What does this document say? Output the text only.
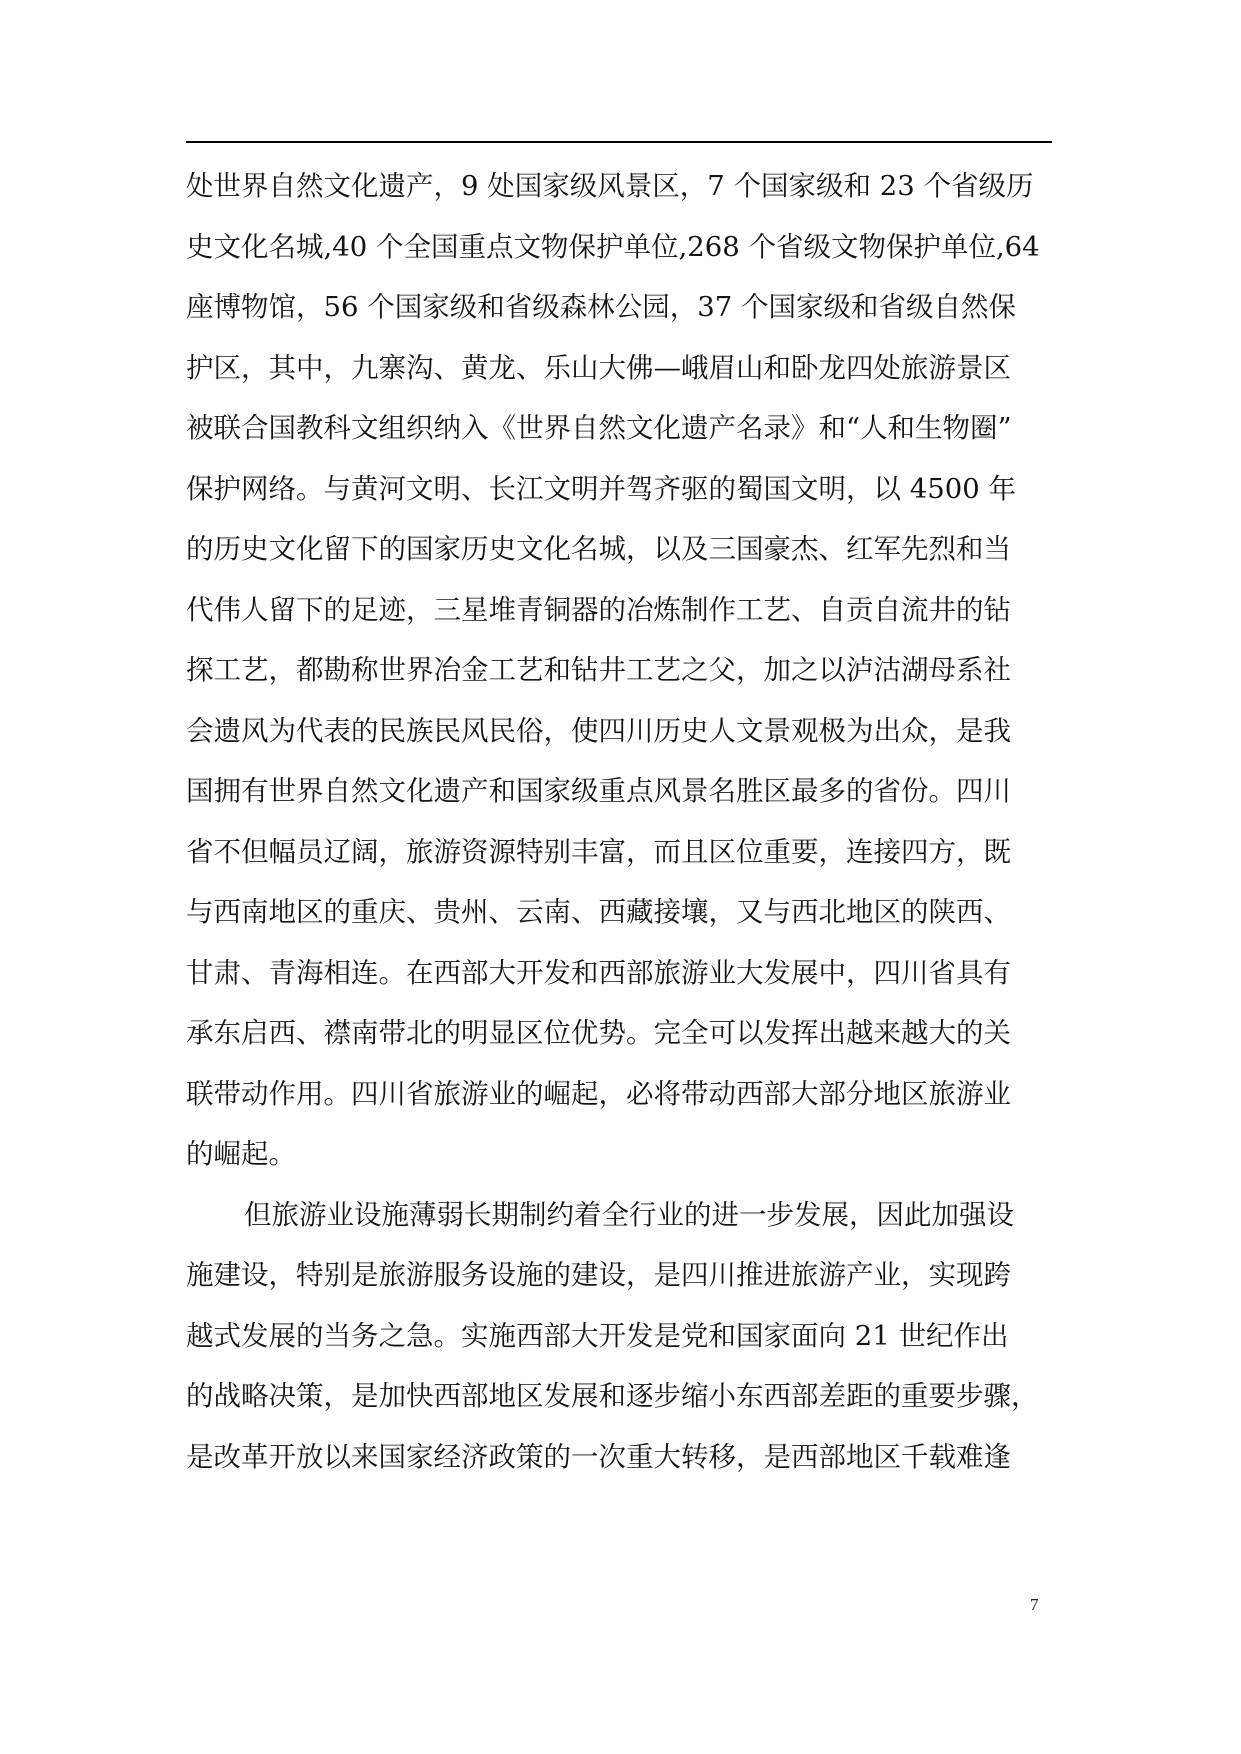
处世界自然文化遗产，9 处国家级风景区，7 个国家级和 23 个省级历
史文化名城,40 个全国重点文物保护单位,268 个省级文物保护单位,64
座博物馆，56 个国家级和省级森林公园，37 个国家级和省级自然保
护区，其中，九寨沟、黄龙、乐山大佛—峨眉山和卧龙四处旅游景区
被联合国教科文组织纳入《世界自然文化遗产名录》和“人和生物圈”
保护网络。与黄河文明、长江文明并驾齐驱的蜀国文明，以 4500 年
的历史文化留下的国家历史文化名城，以及三国豪杰、红军先烈和当
代伟人留下的足迹，三星堆青铜器的冶炼制作工艺、自贡自流井的钻
探工艺，都勘称世界冶金工艺和钻井工艺之父，加之以泸沽湖母系社
会遗风为代表的民族民风民俗，使四川历史人文景观极为出众，是我
国拥有世界自然文化遗产和国家级重点风景名胜区最多的省份。四川
省不但幅员辽阔，旅游资源特别丰富，而且区位重要，连接四方，既
与西南地区的重庆、贵州、云南、西藏接壤，又与西北地区的陕西、
甘肃、青海相连。在西部大开发和西部旅游业大发展中，四川省具有
承东启西、襟南带北的明显区位优势。完全可以发挥出越来越大的关
联带动作用。四川省旅游业的崛起，必将带动西部大部分地区旅游业
的崛起。
但旅游业设施薄弱长期制约着全行业的进一步发展，因此加强设
施建设，特别是旅游服务设施的建设，是四川推进旅游产业，实现跨
越式发展的当务之急。实施西部大开发是党和国家面向 21 世纪作出
的战略决策，是加快西部地区发展和逐步缩小东西部差距的重要步骤，
是改革开放以来国家经济政策的一次重大转移，是西部地区千载难逢
7
